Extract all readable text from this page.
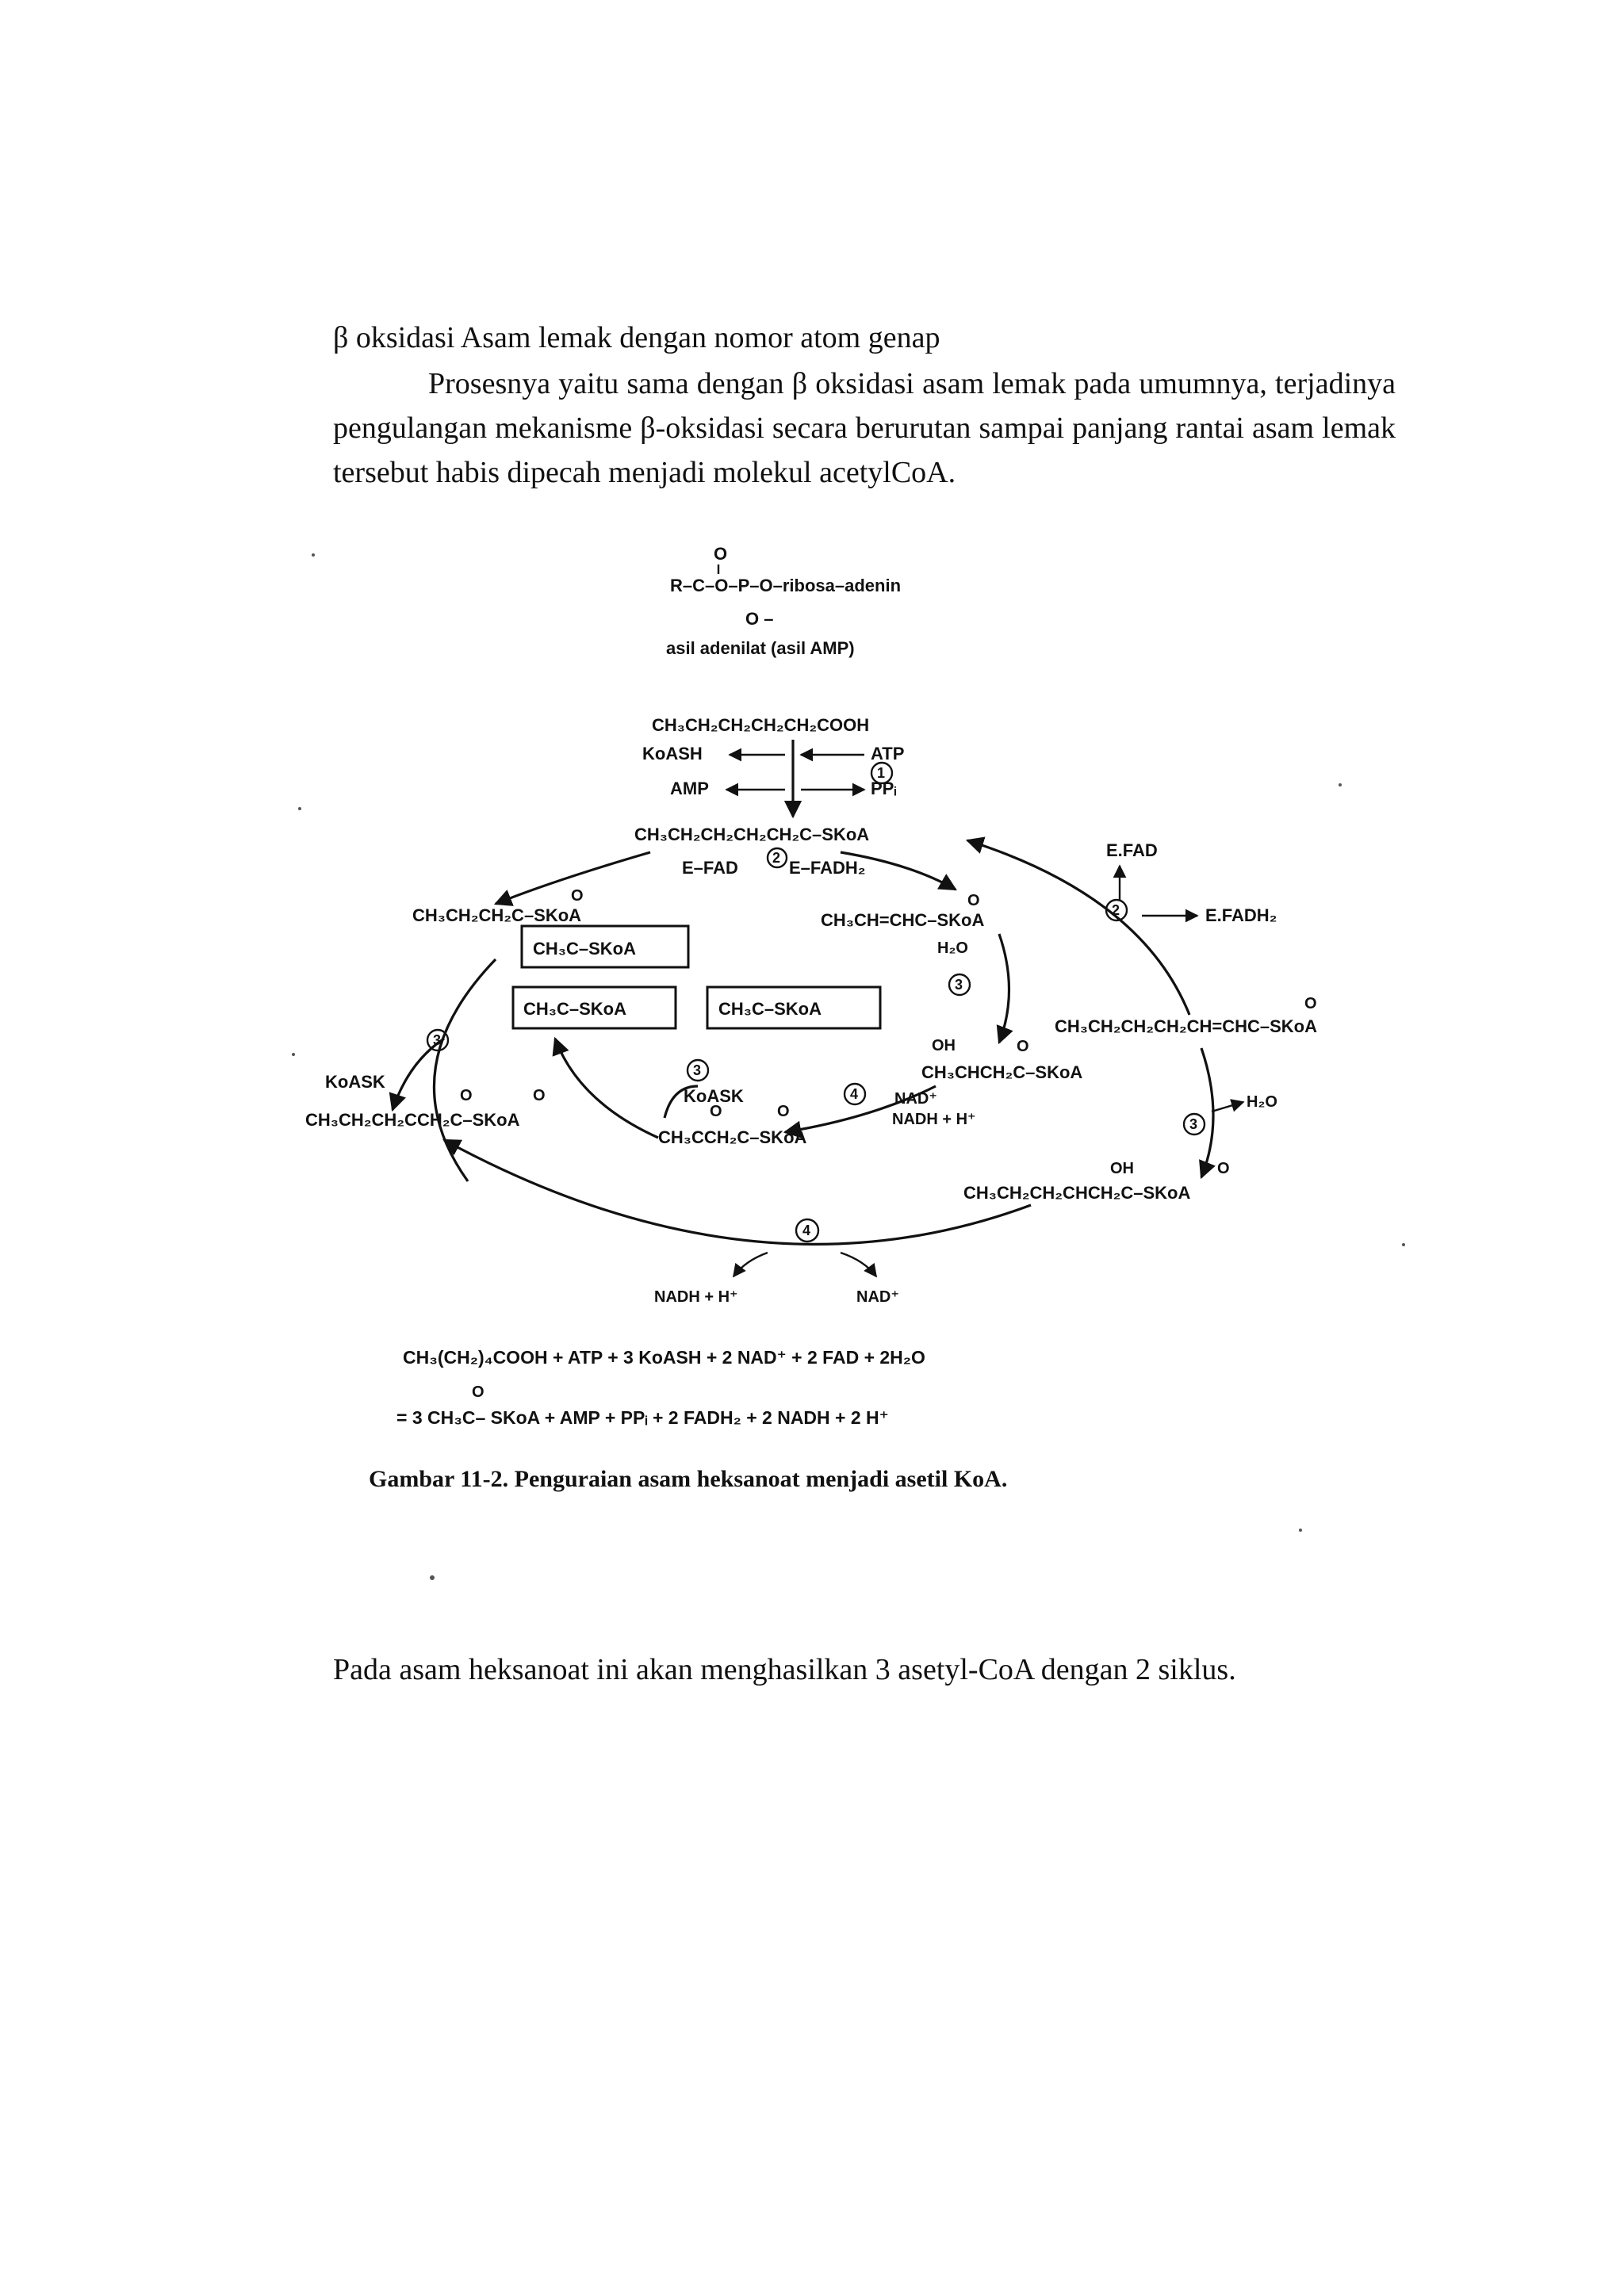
β oksidasi Asam lemak dengan nomor atom genap
Prosesnya yaitu sama dengan β oksidasi asam lemak pada umumnya, terjadinya pengulangan mekanisme β-oksidasi secara berurutan sampai panjang rantai asam lemak tersebut habis dipecah menjadi molekul acetylCoA.
O
R–C–O–P–O–ribosa–adenin
O –
asil adenilat (asil AMP)
CH₃CH₂CH₂CH₂CH₂COOH
KoASH	ATP
1
AMP	PPᵢ
CH₃CH₂CH₂CH₂CH₂C–SKoA
E–FAD 2 E–FADH₂
E.FAD
2	E.FADH₂
O
CH₃CH₂CH₂C–SKoA
CH₃C–SKoA
O
CH₃CH=CHC–SKoA
H₂O
3
O
CH₃CH₂CH₂CH₂CH=CHC–SKoA
CH₃C–SKoA	CH₃C–SKoA
3
KoASK
3
KoASK
OH	O
CH₃CHCH₂C–SKoA
4 NAD⁺
NADH + H⁺
O	O
CH₃CH₂CH₂CCH₂C–SKoA	O	O
CH₃CCH₂C–SKoA
H₂O
3
OH	O
CH₃CH₂CH₂CHCH₂C–SKoA
4
NADH + H⁺	NAD⁺
CH₃(CH₂)₄COOH + ATP + 3 KoASH + 2 NAD⁺ + 2 FAD + 2H₂O
O
= 3 CH₃C– SKoA + AMP + PPᵢ + 2 FADH₂ + 2 NADH + 2 H⁺
Gambar 11-2. Penguraian asam heksanoat menjadi asetil KoA.
Pada asam heksanoat ini akan menghasilkan 3 asetyl-CoA dengan 2 siklus.
